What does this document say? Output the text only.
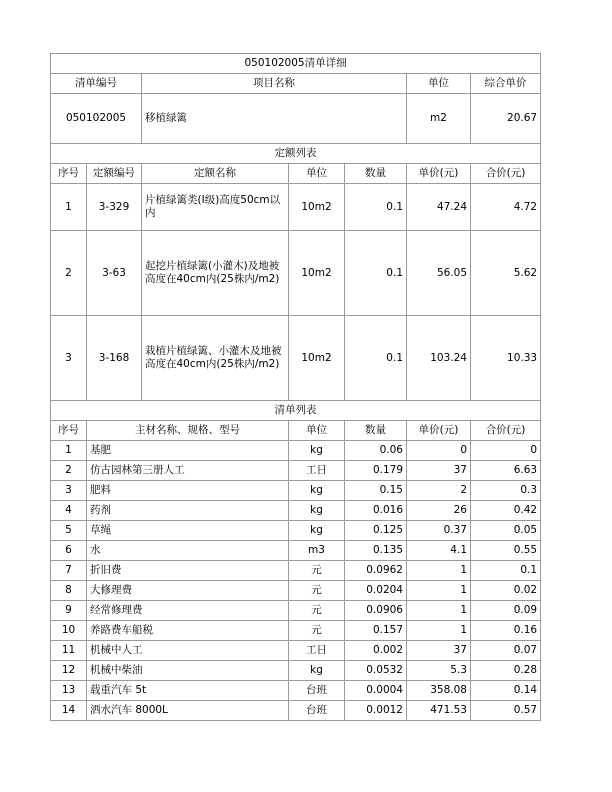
050102005清单详细						
清单编号		项目名称			单位	综合单价
050102005		移植绿篱			m2	20.67
定额列表						
序号	定额编号	定额名称	单位	数量	单价(元)	合价(元)
1	3-329	片植绿篱类(Ⅰ级)高度50cm以内	10m2	0.1	47.24	4.72
2	3-63	起挖片植绿篱(小灌木)及地被高度在40cm内(25株内/m2)	10m2	0.1	56.05	5.62
3	3-168	栽植片植绿篱、小灌木及地被高度在40cm内(25株内/m2)	10m2	0.1	103.24	10.33
清单列表						
序号	主材名称、规格、型号		单位	数量	单价(元)	合价(元)
1	基肥		kg	0.06	0	0
2	仿古园林第三册人工		工日	0.179	37	6.63
3	肥料		kg	0.15	2	0.3
4	药剂		kg	0.016	26	0.42
5	草绳		kg	0.125	0.37	0.05
6	水		m3	0.135	4.1	0.55
7	折旧费		元	0.0962	1	0.1
8	大修理费		元	0.0204	1	0.02
9	经常修理费		元	0.0906	1	0.09
10	养路费车船税		元	0.157	1	0.16
11	机械中人工		工日	0.002	37	0.07
12	机械中柴油		kg	0.0532	5.3	0.28
13	载重汽车 5t		台班	0.0004	358.08	0.14
14	洒水汽车 8000L		台班	0.0012	471.53	0.57
